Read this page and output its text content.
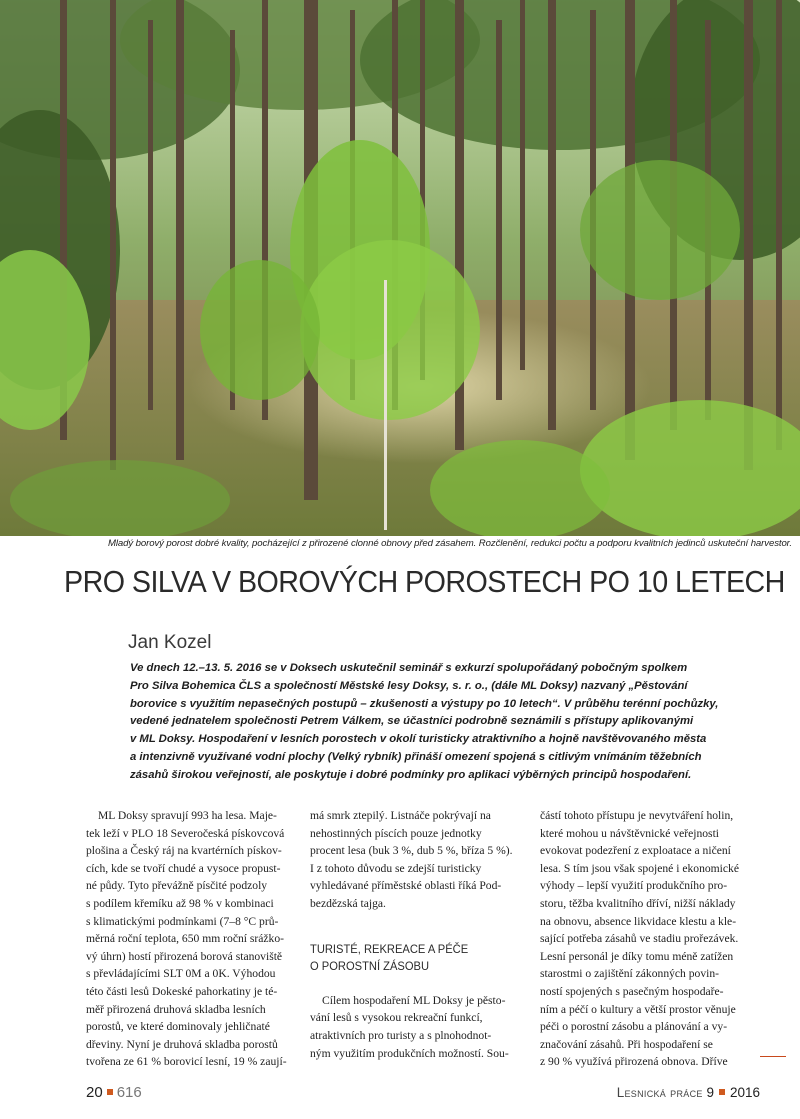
Mladý borový porost dobré kvality, pocházející z přirozené clonné obnovy před zásahem. Rozčlenění, redukci počtu a podporu kvalitních jedinců uskuteční harvestor.
PRO SILVA V BOROVÝCH POROSTECH PO 10 LETECH
Jan Kozel
Ve dnech 12.–13. 5. 2016 se v Doksech uskutečnil seminář s exkurzí spolupořádaný pobočným spolkem
Pro Silva Bohemica ČLS a společností Městské lesy Doksy, s. r. o., (dále ML Doksy) nazvaný „Pěstování
borovice s využitím nepasečných postupů – zkušenosti a výstupy po 10 letech“. V průběhu terénní pochůzky,
vedené jednatelem společnosti Petrem Válkem, se účastníci podrobně seznámili s přístupy aplikovanými
v ML Doksy. Hospodaření v lesních porostech v okolí turisticky atraktivního a hojně navštěvovaného města
a intenzivně využívané vodní plochy (Velký rybník) přináší omezení spojená s citlivým vnímáním těžebních
zásahů širokou veřejností, ale poskytuje i dobré podmínky pro aplikaci výběrných principů hospodaření.
ML Doksy spravují 993 ha lesa. Maje-
tek leží v PLO 18 Severočeská pískovcová
plošina a Český ráj na kvartérních pískov-
cích, kde se tvoří chudé a vysoce propust-
né půdy. Tyto převážně písčité podzoly
s podílem křemíku až 98 % v kombinaci
s klimatickými podmínkami (7–8 °C prů-
měrná roční teplota, 650 mm roční srážko-
vý úhrn) hostí přirozená borová stanoviště
s převládajícími SLT 0M a 0K. Výhodou
této části lesů Dokeské pahorkatiny je té-
měř přirozená druhová skladba lesních
porostů, ve které dominovaly jehličnaté
dřeviny. Nyní je druhová skladba porostů
tvořena ze 61 % borovicí lesní, 19 % zaují-
má smrk ztepilý. Listnáče pokrývají na
nehostinných píscích pouze jednotky
procent lesa (buk 3 %, dub 5 %, bříza 5 %).
I z tohoto důvodu se zdejší turisticky
vyhledávané příměstské oblasti říká Pod-
bezdězská tajga.
TURISTÉ, REKREACE A PÉČE
O POROSTNÍ ZÁSOBU
Cílem hospodaření ML Doksy je pěsto-
vání lesů s vysokou rekreační funkcí,
atraktivních pro turisty a s plnohodnot-
ným využitím produkčních možností. Sou-
částí tohoto přístupu je nevytváření holin,
které mohou u návštěvnické veřejnosti
evokovat podezření z exploatace a ničení
lesa. S tím jsou však spojené i ekonomické
výhody – lepší využití produkčního pro-
storu, těžba kvalitního dříví, nižší náklady
na obnovu, absence likvidace klestu a kle-
sající potřeba zásahů ve stadiu prořezávek.
Lesní personál je díky tomu méně zatížen
starostmi o zajištění zákonných povin-
ností spojených s pasečným hospodaře-
ním a péčí o kultury a větší prostor věnuje
péči o porostní zásobu a plánování a vy-
značování zásahů. Při hospodaření se
z 90 % využívá přirozená obnova. Dříve
20 616	Lesnická práce 9 2016
